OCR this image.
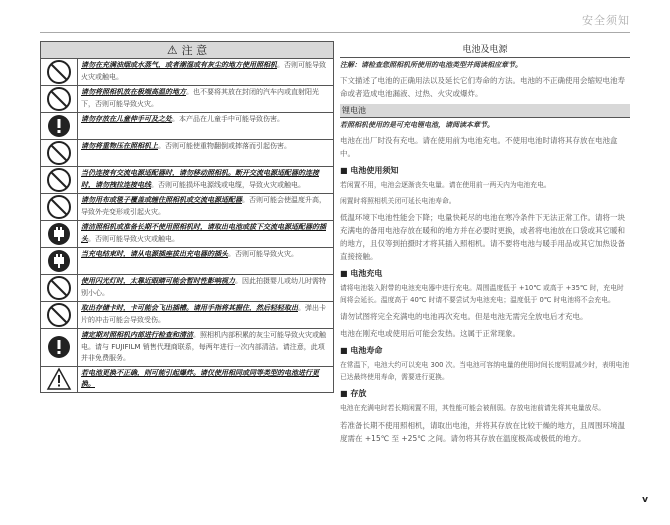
安全须知
⚠ 注 意
请勿在充满油烟或水蒸气，或者潮湿或有灰尘的地方使用照相机。否则可能导致火灾或触电。
请勿将照相机放在极端高温的地方。也不要将其放在封闭的汽车内或直射阳光下，否则可能导致火灾。
请勿存放在儿童伸手可及之处。本产品在儿童手中可能导致伤害。
请勿将重物压在照相机上。否则可能使重物翻倒或摔落而引起伤害。
当仍连接有交流电源适配器时，请勿移动照相机。断开交流电源适配器的连接时，请勿拽拉连接电线。否则可能损坏电源线或电缆，导致火灾或触电。
请勿用布或毯子覆盖或缠住照相机或交流电源适配器。否则可能会使温度升高，导致外壳变形或引起火灾。
清洁照相机或准备长期不使用照相机时，请取出电池或拔下交流电源适配器的插头。否则可能导致火灾或触电。
当充电结束时，请从电源插座拔出充电器的插头。否则可能导致火灾。
使用闪光灯时，太靠近眼睛可能会暂时性影响视力。因此拍摄婴儿或幼儿时需特别小心。
取出存储卡时，卡可能会飞出插槽。请用手指将其握住，然后轻轻取出。弹出卡片的冲击可能会导致受伤。
请定期对照相机内部进行检查和清洁。照相机内部积累的灰尘可能导致火灾或触电。请与 FUJIFILM 销售代理商联系，每两年进行一次内部清洁。请注意，此项并非免费服务。
若电池更换不正确，则可能引起爆炸。请仅使用相同或同等类型的电池进行更换。
电池及电源
注解：请检查您照相机所使用的电池类型并阅读相应章节。
下文描述了电池的正确用法以及延长它们寿命的方法。电池的不正确使用会缩短电池寿命或者造成电池漏液、过热、火灾或爆炸。
锂电池
若照相机使用的是可充电锂电池，请阅读本章节。
电池在出厂时没有充电。请在使用前为电池充电。不使用电池时请将其存放在电池盒中。
■ 电池使用须知
若闲置不用，电池会逐渐丧失电量。请在使用前一两天内为电池充电。
闲置时将照相机关闭可延长电池寿命。
低温环境下电池性能会下降；电量快耗尽的电池在寒冷条件下无法正常工作。请将一块充满电的备用电池存放在暖和的地方并在必要时更换，或者将电池放在口袋或其它暖和的地方，且仅等到拍摄时才将其插入照相机。请不要将电池与暖手用品或其它加热设备直接接触。
■ 电池充电
请将电池装入附带的电池充电器中进行充电。周围温度低于 +10℃ 或高于 +35℃ 时，充电时间将会延长。温度高于 40℃ 时请不要尝试为电池充电；温度低于 0℃ 时电池将不会充电。
请勿试图将完全充满电的电池再次充电。但是电池无需完全放电后才充电。
电池在刚充电或使用后可能会发热。这属于正常现象。
■ 电池寿命
在常温下，电池大约可以充电 300 次。当电池可容纳电量的使用时间长度明显减少时，表明电池已达最终使用寿命，需要进行更换。
■ 存放
电池在充满电时若长期闲置不用，其性能可能会被削弱。存放电池前请先将其电量放尽。
若准备长期不使用照相机，请取出电池，并将其存放在比较干燥的地方，且周围环境温度需在 +15℃ 至 +25℃ 之间。请勿将其存放在温度极高或极低的地方。
v
